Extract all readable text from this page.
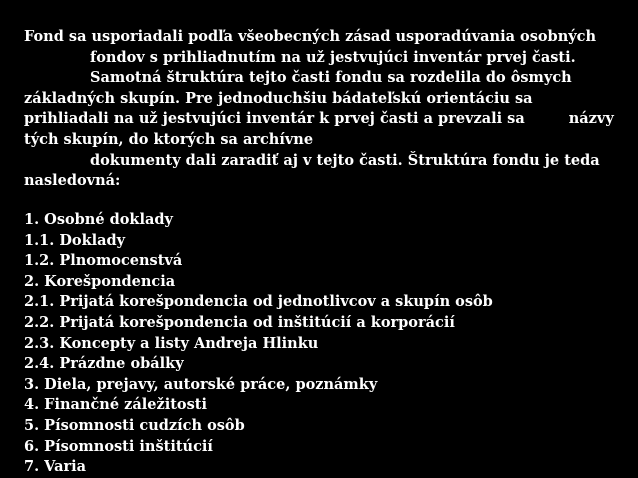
Fond sa usporiadali podľa všeobecných zásad usporadúvania osobných
fondov s prihliadnutím na už jestvujúci inventár prvej časti.
Samotná štruktúra tejto časti fondu sa rozdelila do ôsmych
základných skupín. Pre jednoduchšiu bádateľskú orientáciu sa
prihliadali na už jestvujúci inventár k prvej časti a prevzali sa	názvy
tých skupín, do ktorých sa archívne
dokumenty dali zaradiť aj v tejto časti. Štruktúra fondu je teda
nasledovná:
1. Osobné doklady
1.1. Doklady
1.2. Plnomocenstvá
2. Korešpondencia
2.1. Prijatá korešpondencia od jednotlivcov a skupín osôb
2.2. Prijatá korešpondencia od inštitúcií a korporácií
2.3. Koncepty a listy Andreja Hlinku
2.4. Prázdne obálky
3. Diela, prejavy, autorské práce, poznámky
4. Finančné záležitosti
5. Písomnosti cudzích osôb
6. Písomnosti inštitúcií
7. Varia
